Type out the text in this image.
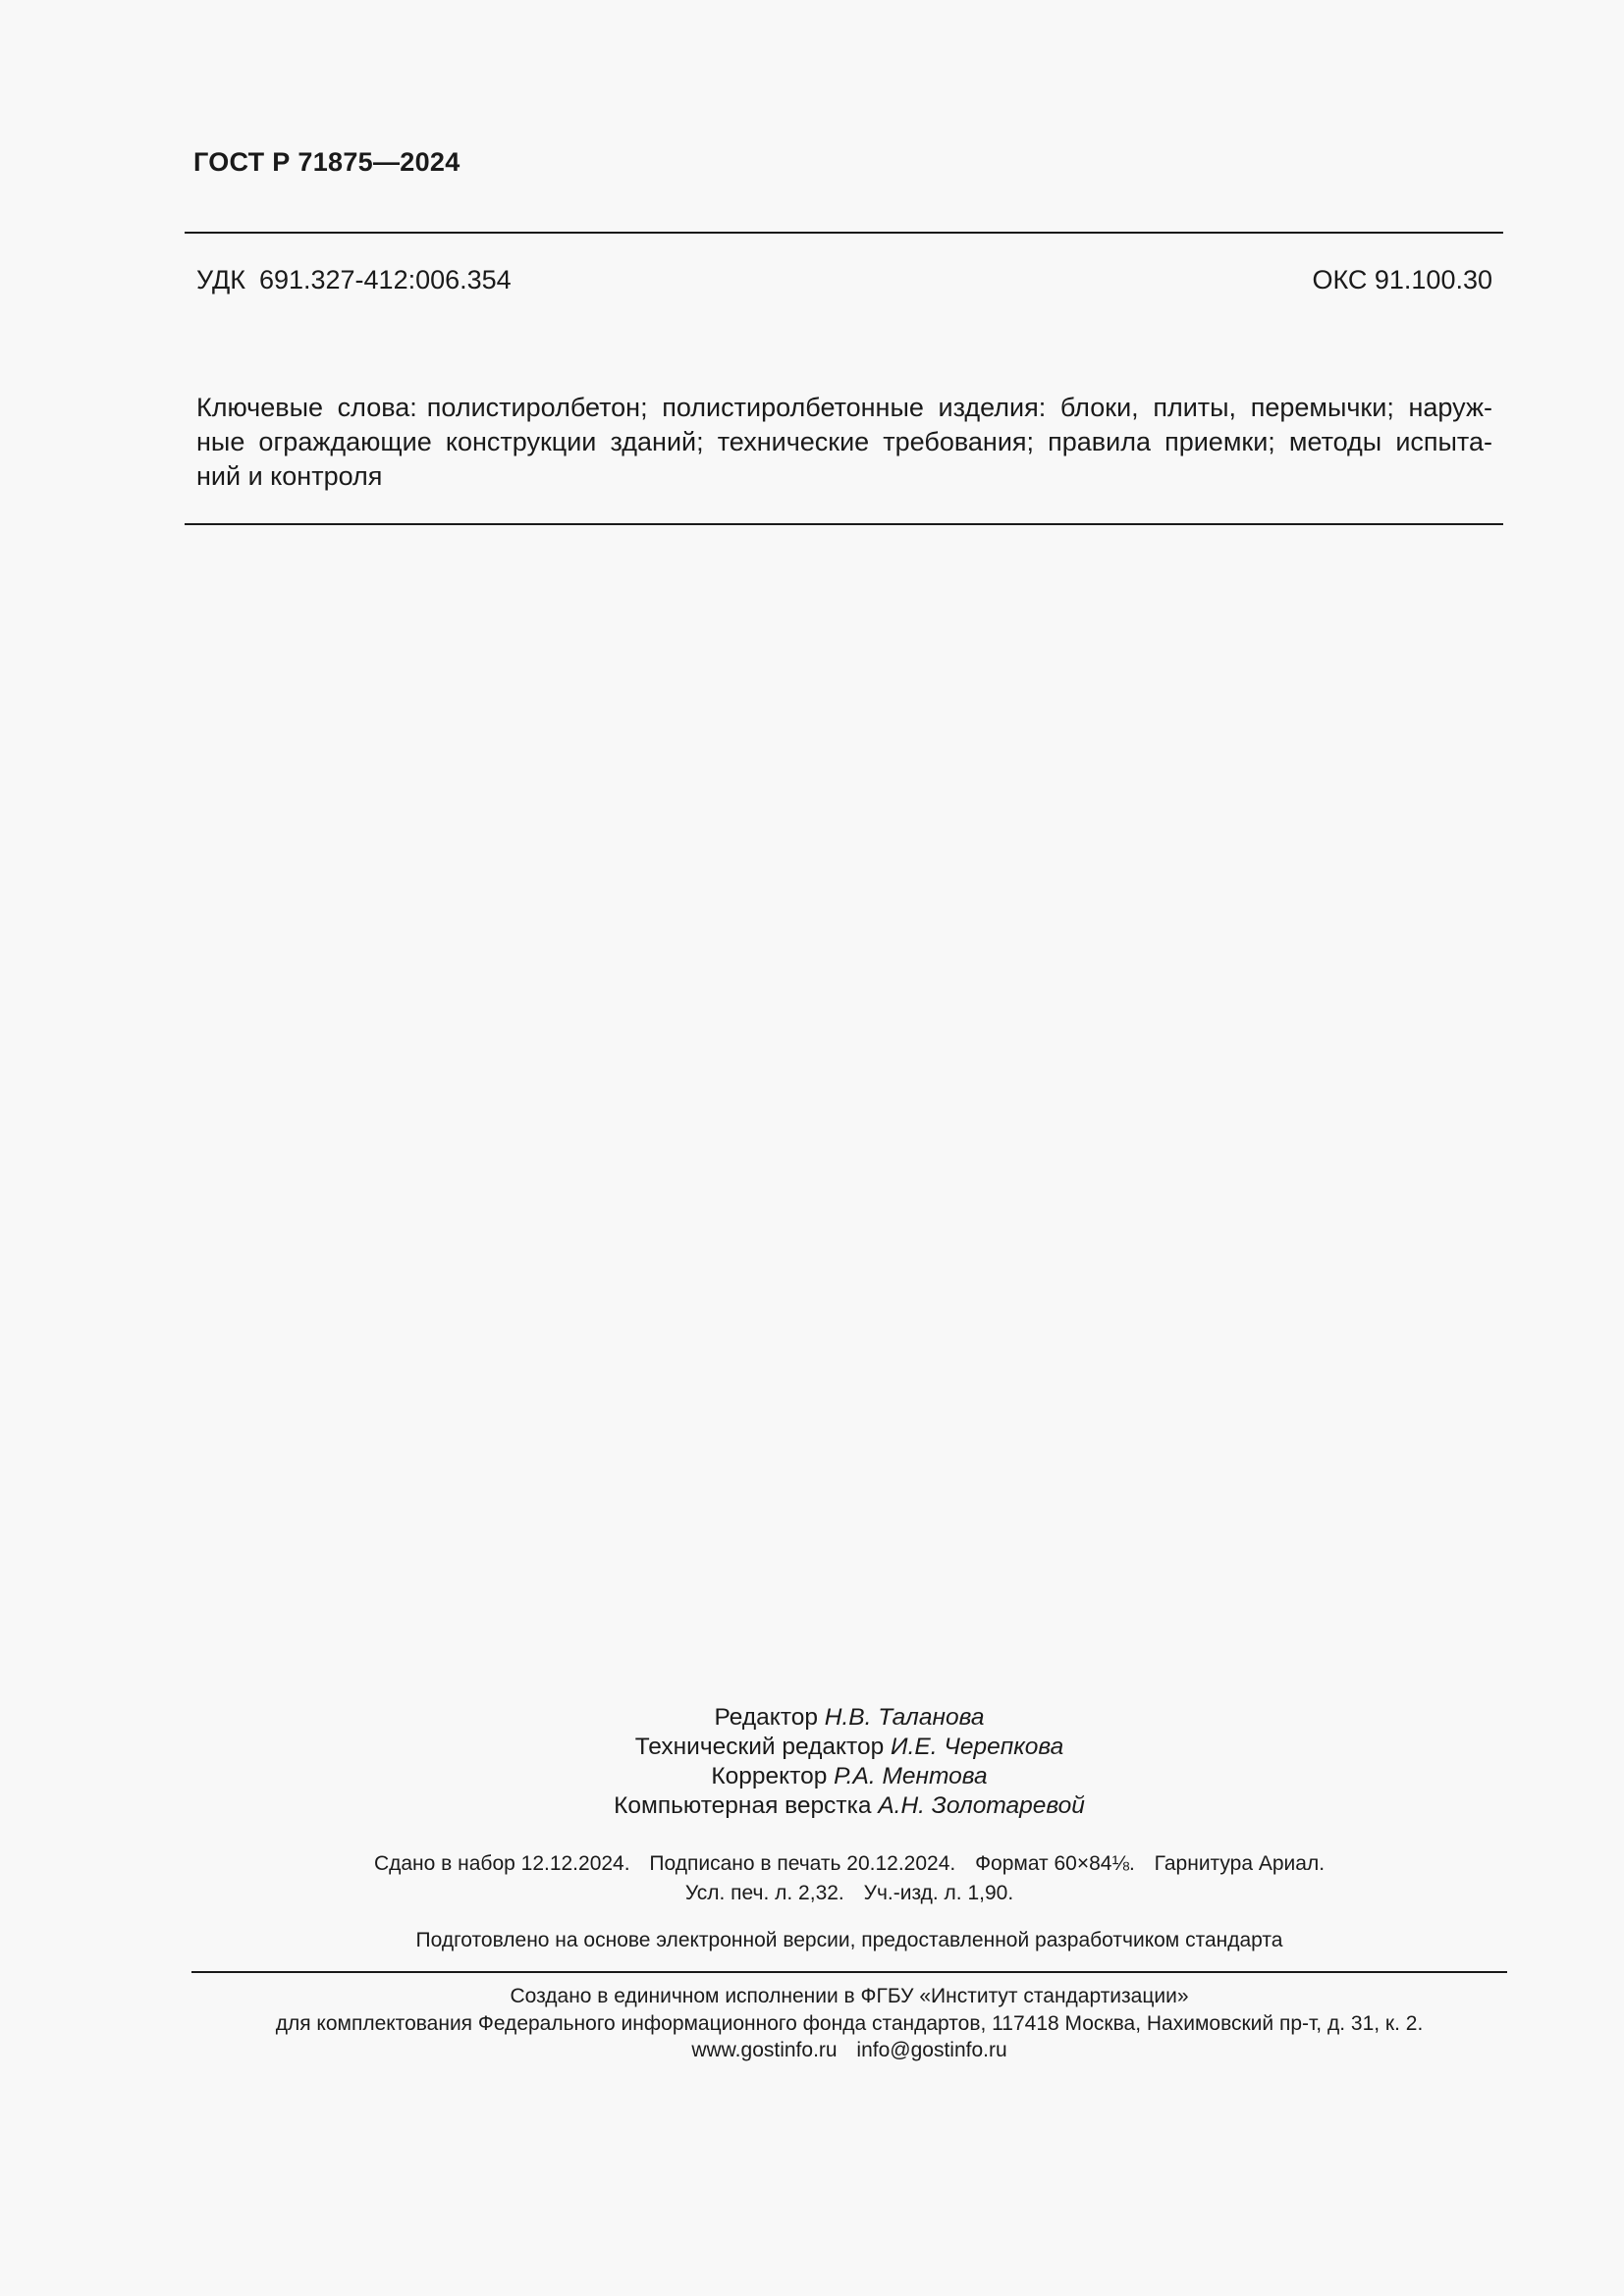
ГОСТ Р 71875—2024
УДК 691.327-412:006.354	ОКС 91.100.30
Ключевые слова: полистиролбетон; полистиролбетонные изделия: блоки, плиты, перемычки; наруж-
ные ограждающие конструкции зданий; технические требования; правила приемки; методы испыта-
ний и контроля
Редактор Н.В. Таланова
Технический редактор И.Е. Черепкова
Корректор Р.А. Ментова
Компьютерная верстка А.Н. Золотаревой
Сдано в набор 12.12.2024. Подписано в печать 20.12.2024. Формат 60×84⅛. Гарнитура Ариал.
Усл. печ. л. 2,32. Уч.-изд. л. 1,90.
Подготовлено на основе электронной версии, предоставленной разработчиком стандарта
Создано в единичном исполнении в ФГБУ «Институт стандартизации»
для комплектования Федерального информационного фонда стандартов, 117418 Москва, Нахимовский пр-т, д. 31, к. 2.
www.gostinfo.ru info@gostinfo.ru
